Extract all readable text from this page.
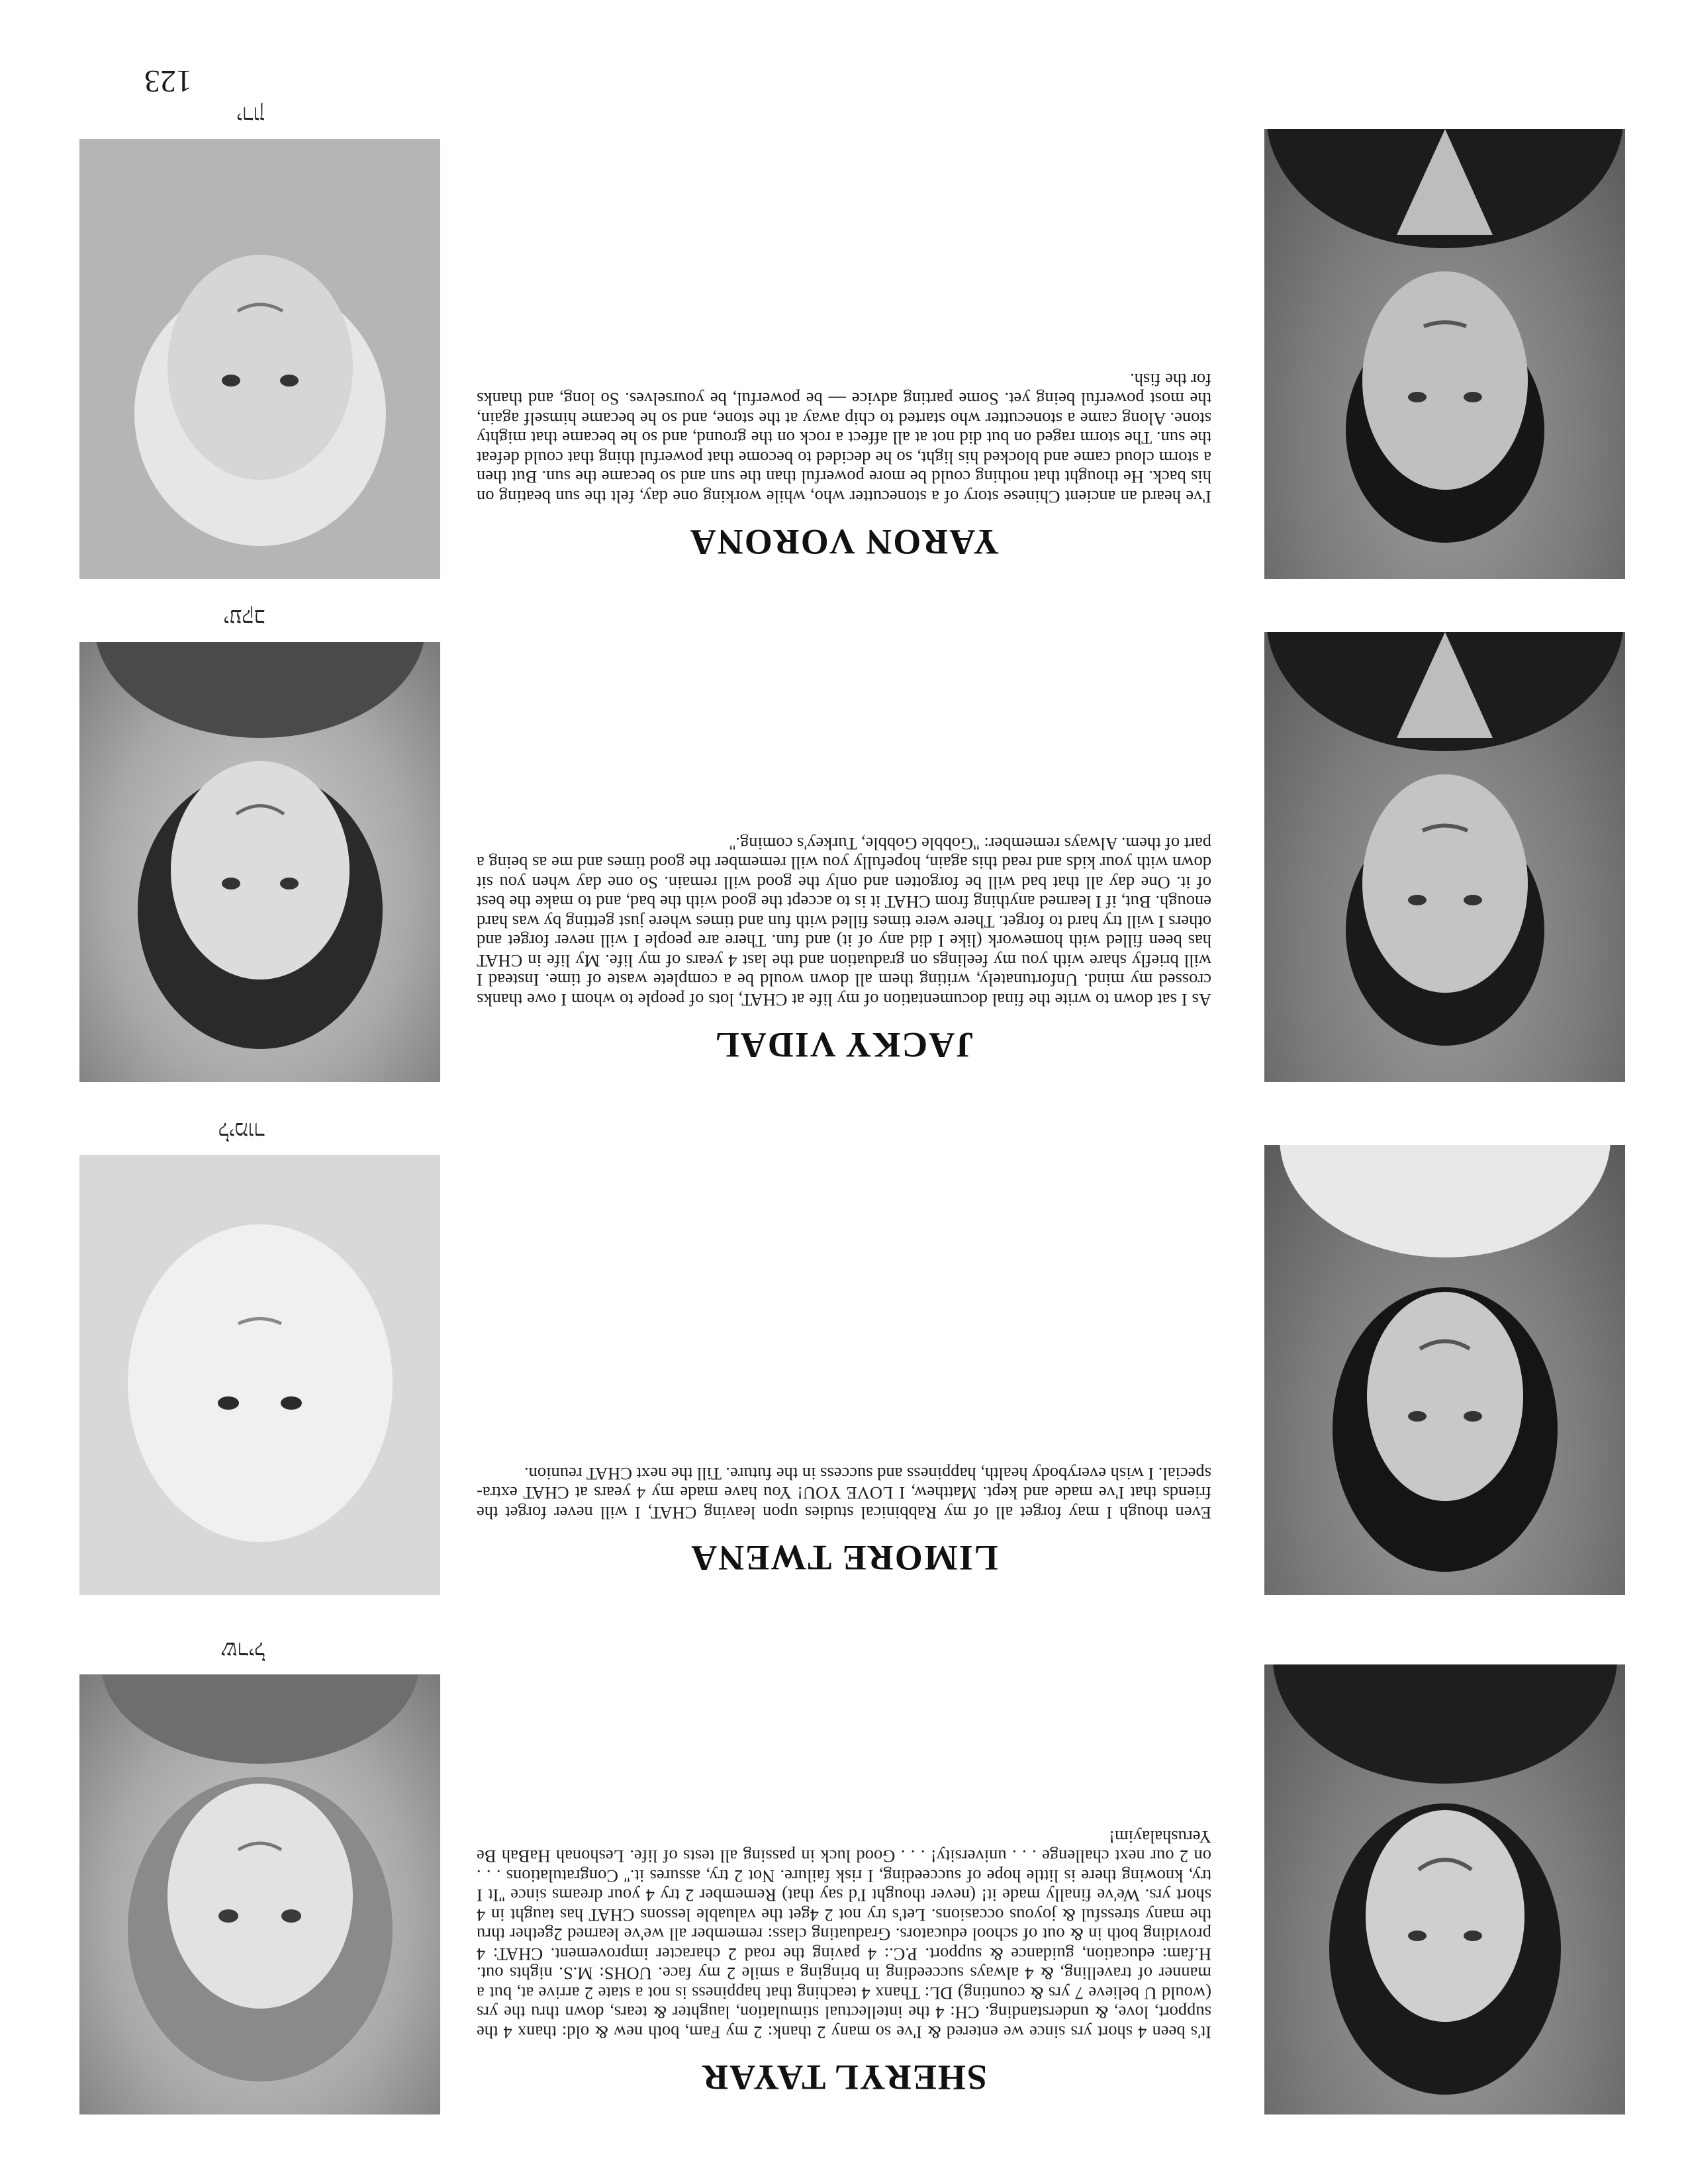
123
SHERYL TAYAR
It's been 4 short yrs since we entered & I've so many 2 thank: 2 my Fam, both new & old: thanx 4 the support, love, & understanding. CH: 4 the intellectual stimulation, laughter & tears, down thru the yrs (would U believe 7 yrs & counting) DL: Thanx 4 teaching that happiness is not a state 2 arrive at, but a manner of travelling, & 4 always succeeding in bringing a smile 2 my face. UOHS: M.S. nights out. H.fam: education, guidance & support. P.C.: 4 paving the road 2 character improvement. CHAT: 4 providing both in & out of school educators. Graduating class: remember all we've learned 2gether thru the many stressful & joyous occasions. Let's try not 2 4get the valuable lessons CHAT has taught in 4 short yrs. We've finally made it! (never thought I'd say that) Remember 2 try 4 your dreams since ''It I try, knowing there is little hope of succeeding, I risk failure. Not 2 try, assures it.'' Congratulations . . . on 2 our next challenge . . . university! . . . Good luck in passing all tests of life. Leshonah HaBah Be Yerushalayim!
שריל
LIMORE TWENA
Even though I may forget all of my Rabbinical studies upon leaving CHAT, I will never forget the friends that I've made and kept. Matthew, I LOVE YOU! You have made my 4 years at CHAT extra-special. I wish everybody health, happiness and success in the future. Till the next CHAT reunion.
לימור
JACKY VIDAL
As I sat down to write the final documentation of my life at CHAT, lots of people to whom I owe thanks crossed my mind. Unfortunately, writing them all down would be a complete waste of time. Instead I will briefly share with you my feelings on graduation and the last 4 years of my life. My life in CHAT has been filled with homework (like I did any of it) and fun. There are people I will never forget and others I will try hard to forget. There were times filled with fun and times where just getting by was hard enough. But, if I learned anything from CHAT it is to accept the good with the bad, and to make the best of it. One day all that bad will be forgotten and only the good will remain. So one day when you sit down with your kids and read this again, hopefully you will remember the good times and me as being a part of them. Always remember: ''Gobble Gobble, Turkey's coming.''
יעקב
YARON VORONA
I've heard an ancient Chinese story of a stonecutter who, while working one day, felt the sun beating on his back. He thought that nothing could be more powerful than the sun and so became the sun. But then a storm cloud came and blocked his light, so he decided to become that powerful thing that could defeat the sun. The storm raged on but did not at all affect a rock on the ground, and so he became that mighty stone. Along came a stonecutter who started to chip away at the stone, and so he became himself again, the most powerful being yet. Some parting advice — be powerful, be yourselves. So long, and thanks for the fish.
ירון
